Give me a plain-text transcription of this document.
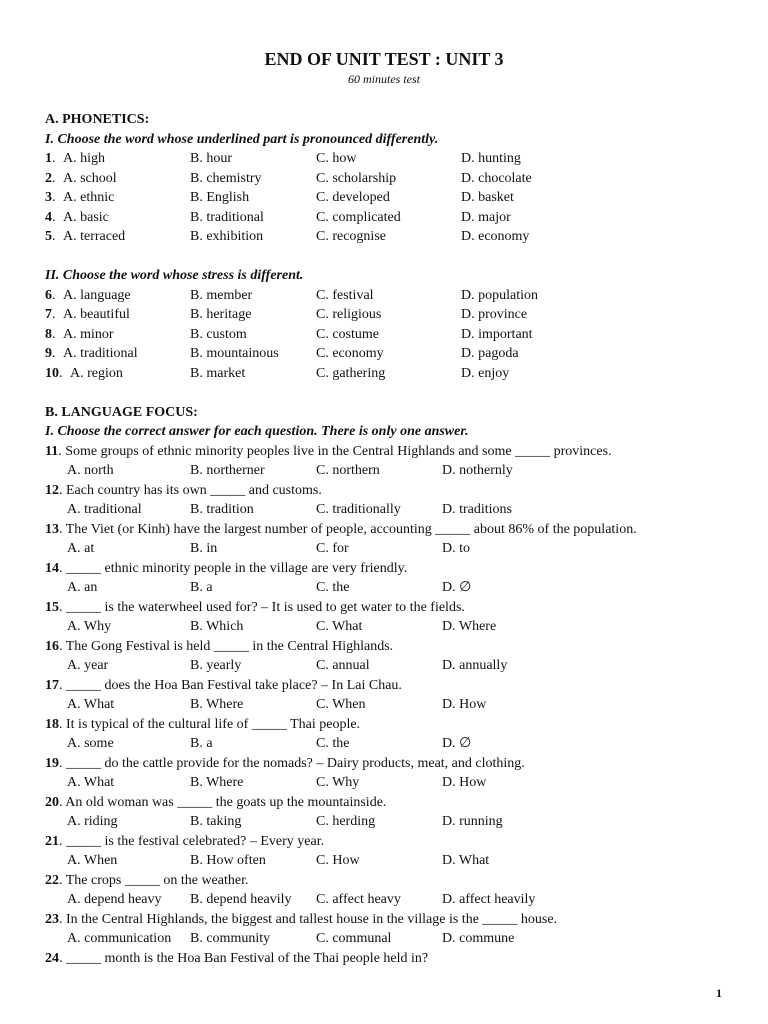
END OF UNIT TEST : UNIT 3
60 minutes test
A. PHONETICS:
I. Choose the word whose underlined part is pronounced differently.
1. A. high	B. hour	C. how	D. hunting
2. A. school	B. chemistry	C. scholarship	D. chocolate
3. A. ethnic	B. English	C. developed	D. basket
4. A. basic	B. traditional	C. complicated	D. major
5. A. terraced	B. exhibition	C. recognise	D. economy
II. Choose the word whose stress is different.
6. A. language	B. member	C. festival	D. population
7. A. beautiful	B. heritage	C. religious	D. province
8. A. minor	B. custom	C. costume	D. important
9. A. traditional	B. mountainous	C. economy	D. pagoda
10. A. region	B. market	C. gathering	D. enjoy
B. LANGUAGE FOCUS:
I. Choose the correct answer for each question. There is only one answer.
11. Some groups of ethnic minority peoples live in the Central Highlands and some _____ provinces.
A. north	B. northerner	C. northern	D. nothernly
12. Each country has its own _____ and customs.
A. traditional	B. tradition	C. traditionally	D. traditions
13. The Viet (or Kinh) have the largest number of people, accounting _____ about 86% of the population.
A. at	B. in	C. for	D. to
14. _____ ethnic minority people in the village are very friendly.
A. an	B. a	C. the	D. ∅
15. _____ is the waterwheel used for? – It is used to get water to the fields.
A. Why	B. Which	C. What	D. Where
16. The Gong Festival is held _____ in the Central Highlands.
A. year	B. yearly	C. annual	D. annually
17. _____ does the Hoa Ban Festival take place? – In Lai Chau.
A. What	B. Where	C. When	D. How
18. It is typical of the cultural life of _____ Thai people.
A. some	B. a	C. the	D. ∅
19. _____ do the cattle provide for the nomads? – Dairy products, meat, and clothing.
A. What	B. Where	C. Why	D. How
20. An old woman was _____ the goats up the mountainside.
A. riding	B. taking	C. herding	D. running
21. _____ is the festival celebrated? – Every year.
A. When	B. How often	C. How	D. What
22. The crops _____ on the weather.
A. depend heavy B. depend heavily C. affect heavy	D. affect heavily
23. In the Central Highlands, the biggest and tallest house in the village is the _____ house.
A. communication B. community	C. communal	D. commune
24. _____ month is the Hoa Ban Festival of the Thai people held in?
1
